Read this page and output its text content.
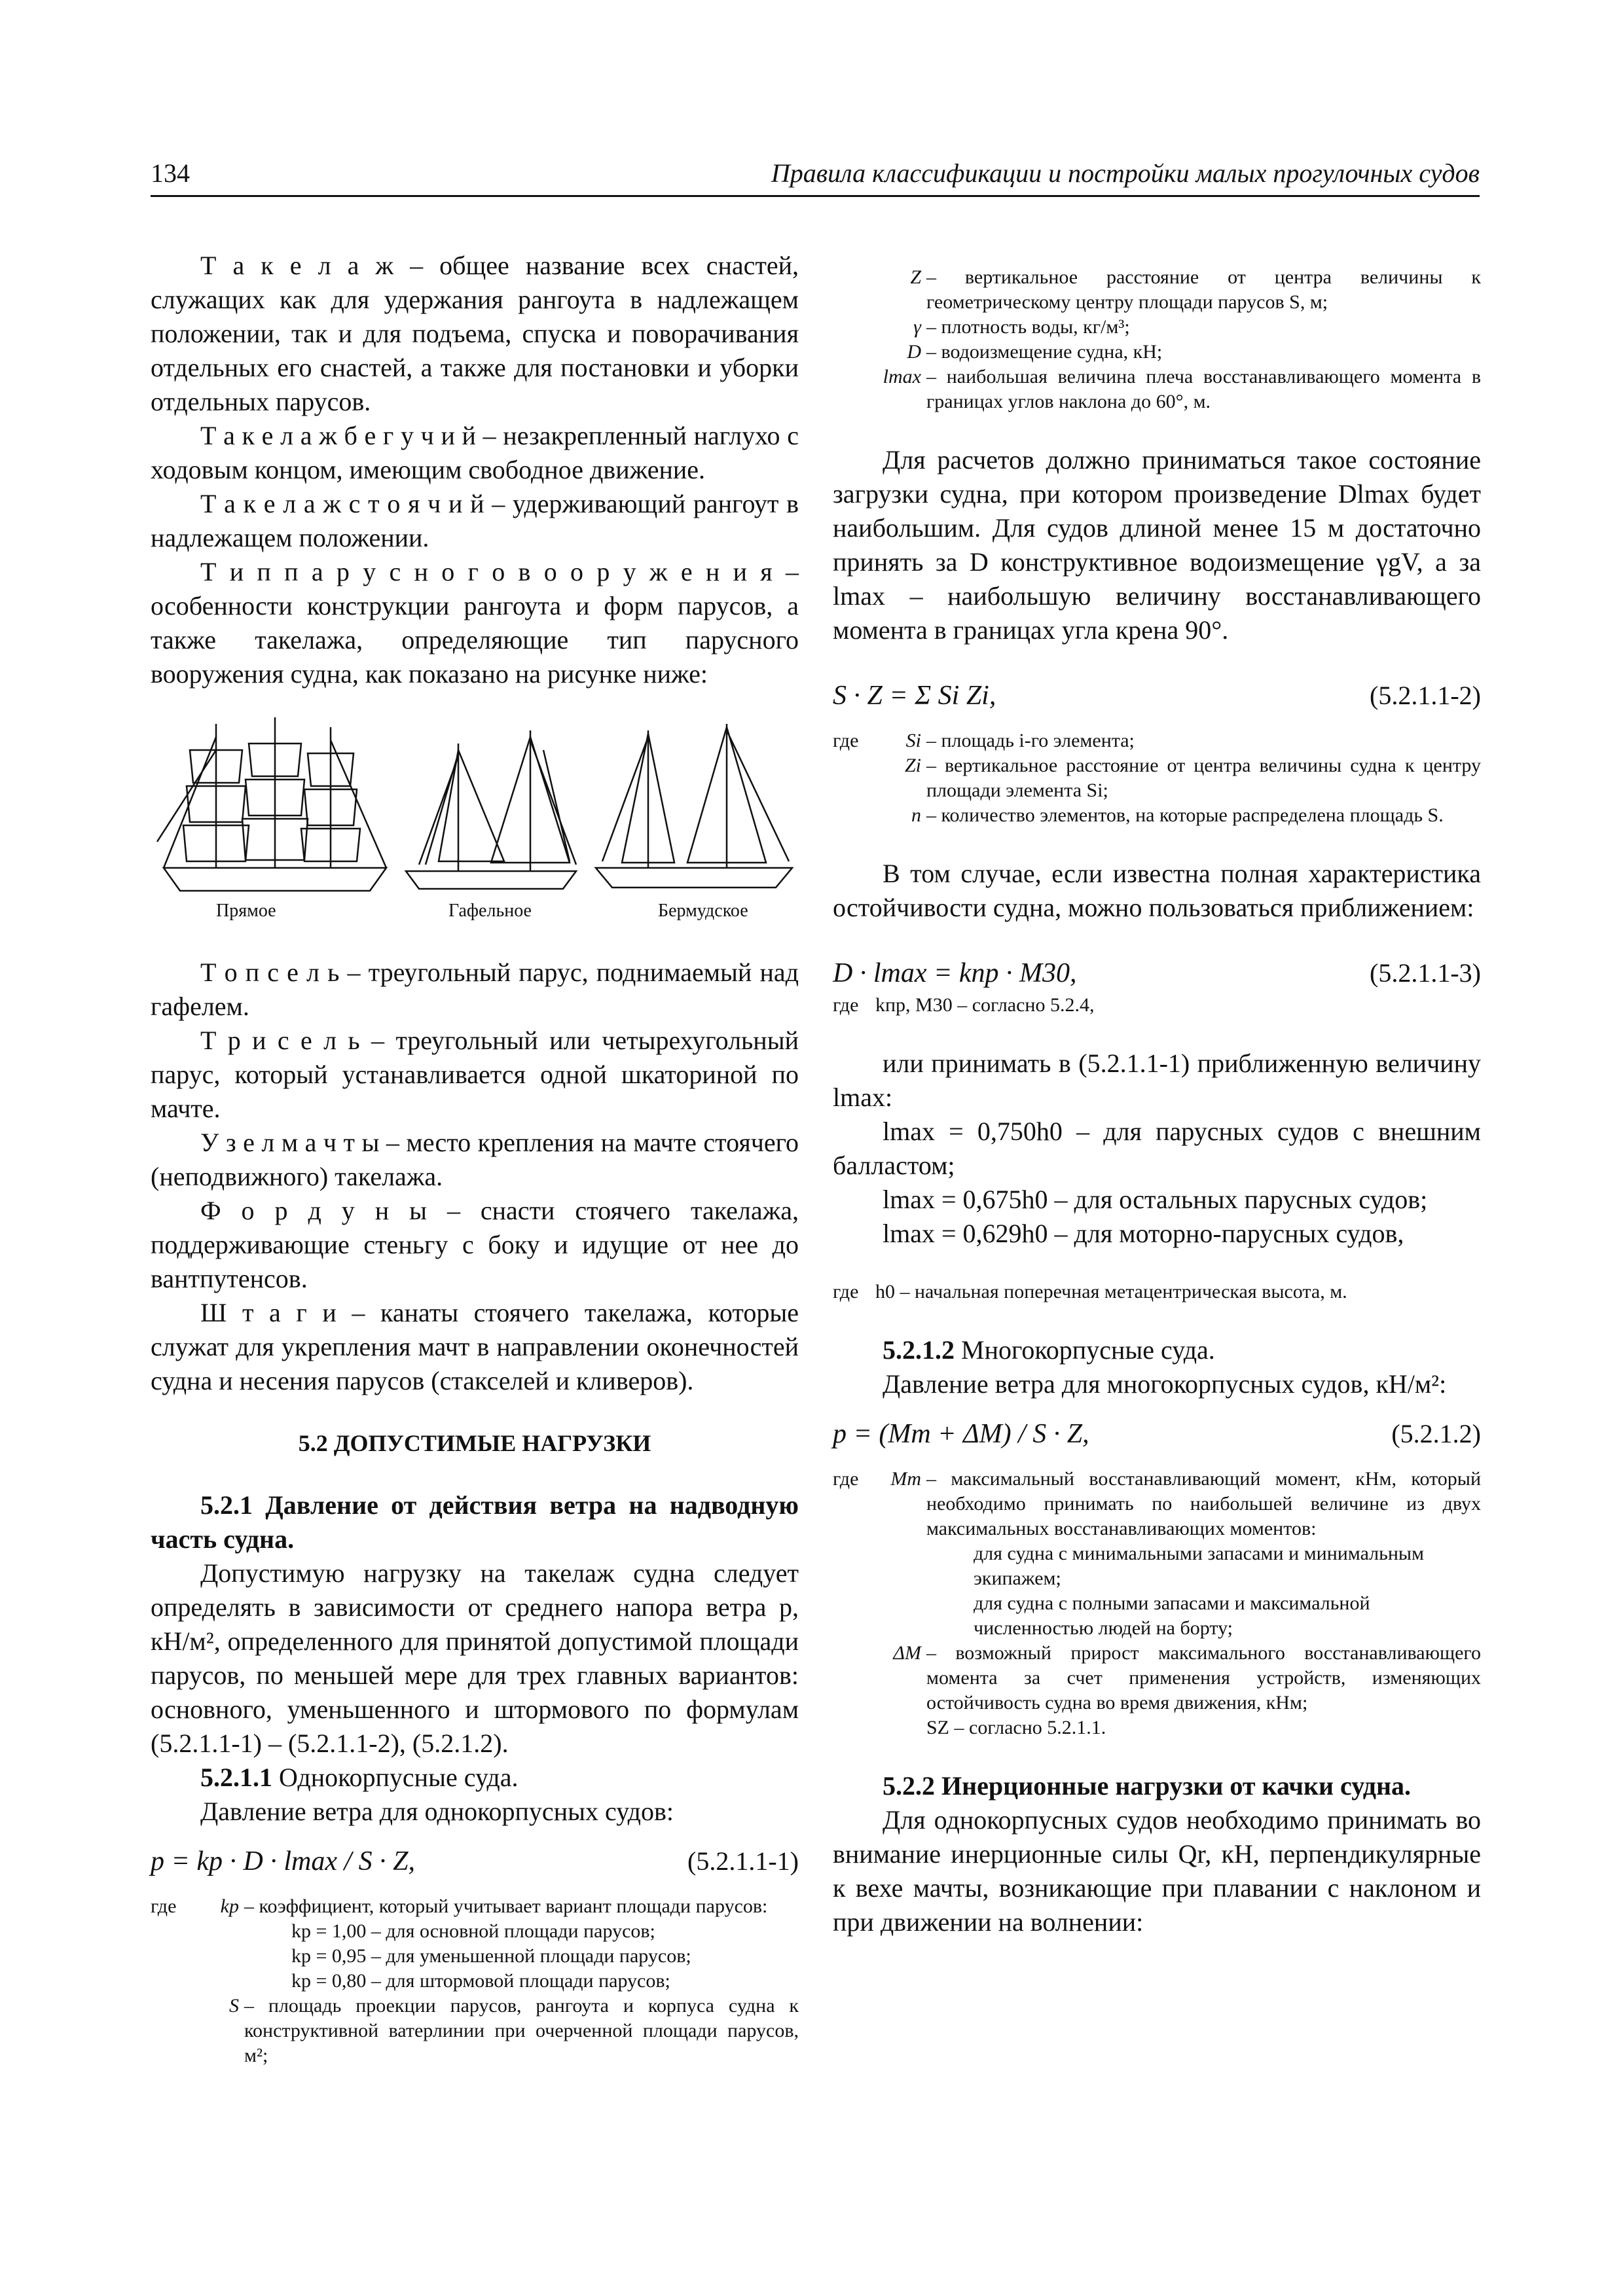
134	Правила классификации и постройки малых прогулочных судов

Т а к е л а ж – общее название всех снастей, служащих как для удержания рангоута в надлежащем положении, так и для подъема, спуска и поворачивания отдельных его снастей, а также для постановки и уборки отдельных парусов.

Т а к е л а ж б е г у ч и й – незакрепленный наглухо с ходовым концом, имеющим свободное движение.

Т а к е л а ж с т о я ч и й – удерживающий рангоут в надлежащем положении.

Т и п п а р у с н о г о в о о р у ж е н и я – особенности конструкции рангоута и форм парусов, а также такелажа, определяющие тип парусного вооружения судна, как показано на рисунке ниже:

Прямое	Гафельное	Бермудское

Т о п с е л ь – треугольный парус, поднимаемый над гафелем.

Т р и с е л ь – треугольный или четырехугольный парус, который устанавливается одной шкаториной по мачте.

У з е л м а ч т ы – место крепления на мачте стоячего (неподвижного) такелажа.

Ф о р д у н ы – снасти стоячего такелажа, поддерживающие стеньгу с боку и идущие от нее до вантпутенсов.

Ш т а г и – канаты стоячего такелажа, которые служат для укрепления мачт в направлении оконечностей судна и несения парусов (стакселей и кливеров).

5.2 ДОПУСТИМЫЕ НАГРУЗКИ
5.2.1 Давление от действия ветра на надводную часть судна.

Допустимую нагрузку на такелаж судна следует определять в зависимости от среднего напора ветра p, кН/м², определенного для принятой допустимой площади парусов, по меньшей мере для трех главных вариантов: основного, уменьшенного и штормового по формулам (5.2.1.1-1) – (5.2.1.1-2), (5.2.1.2).

5.2.1.1 Однокорпусные суда.

Давление ветра для однокорпусных судов:

p = kp · D · lmax / S · Z,	(5.2.1.1-1)
где	kp – коэффициент, который учитывает вариант площади парусов:
kp = 1,00 – для основной площади парусов;
kp = 0,95 – для уменьшенной площади парусов;
kp = 0,80 – для штормовой площади парусов;
S – площадь проекции парусов, рангоута и корпуса судна к конструктивной ватерлинии при очерченной площади парусов, м²;
Z – вертикальное расстояние от центра величины к геометрическому центру площади парусов S, м;
γ – плотность воды, кг/м³;
D – водоизмещение судна, кН;
lmax – наибольшая величина плеча восстанавливающего момента в границах углов наклона до 60°, м.

Для расчетов должно приниматься такое состояние загрузки судна, при котором произведение Dlmax будет наибольшим. Для судов длиной менее 15 м достаточно принять за D конструктивное водоизмещение γgV, а за lmax – наибольшую величину восстанавливающего момента в границах угла крена 90°.

S · Z = Σ Si Zi,	(5.2.1.1-2)
где	Si – площадь i-го элемента;
Zi – вертикальное расстояние от центра величины судна к центру площади элемента Si;
n – количество элементов, на которые распределена площадь S.

В том случае, если известна полная характеристика остойчивости судна, можно пользоваться приближением:

D · lmax = kпр · M30,	(5.2.1.1-3)
где kпр, M30 – согласно 5.2.4,

или принимать в (5.2.1.1-1) приближенную величину lmax:

lmax = 0,750h0 – для парусных судов с внешним балластом;

lmax = 0,675h0 – для остальных парусных судов;

lmax = 0,629h0 – для моторно-парусных судов,

где h0 – начальная поперечная метацентрическая высота, м.

5.2.1.2 Многокорпусные суда.

Давление ветра для многокорпусных судов, кН/м²:

p = (Mm + ΔM) / S · Z,	(5.2.1.2)
где	Mm – максимальный восстанавливающий момент, кНм, который необходимо принимать по наибольшей величине из двух максимальных восстанавливающих моментов:
для судна с минимальными запасами и минимальным экипажем;
для судна с полными запасами и максимальной численностью людей на борту;
ΔM – возможный прирост максимального восстанавливающего момента за счет применения устройств, изменяющих остойчивость судна во время движения, кНм;
SZ – согласно 5.2.1.1.
5.2.2 Инерционные нагрузки от качки судна.

Для однокорпусных судов необходимо принимать во внимание инерционные силы Qr, кН, перпендикулярные к вехе мачты, возникающие при плавании с наклоном и при движении на волнении:
